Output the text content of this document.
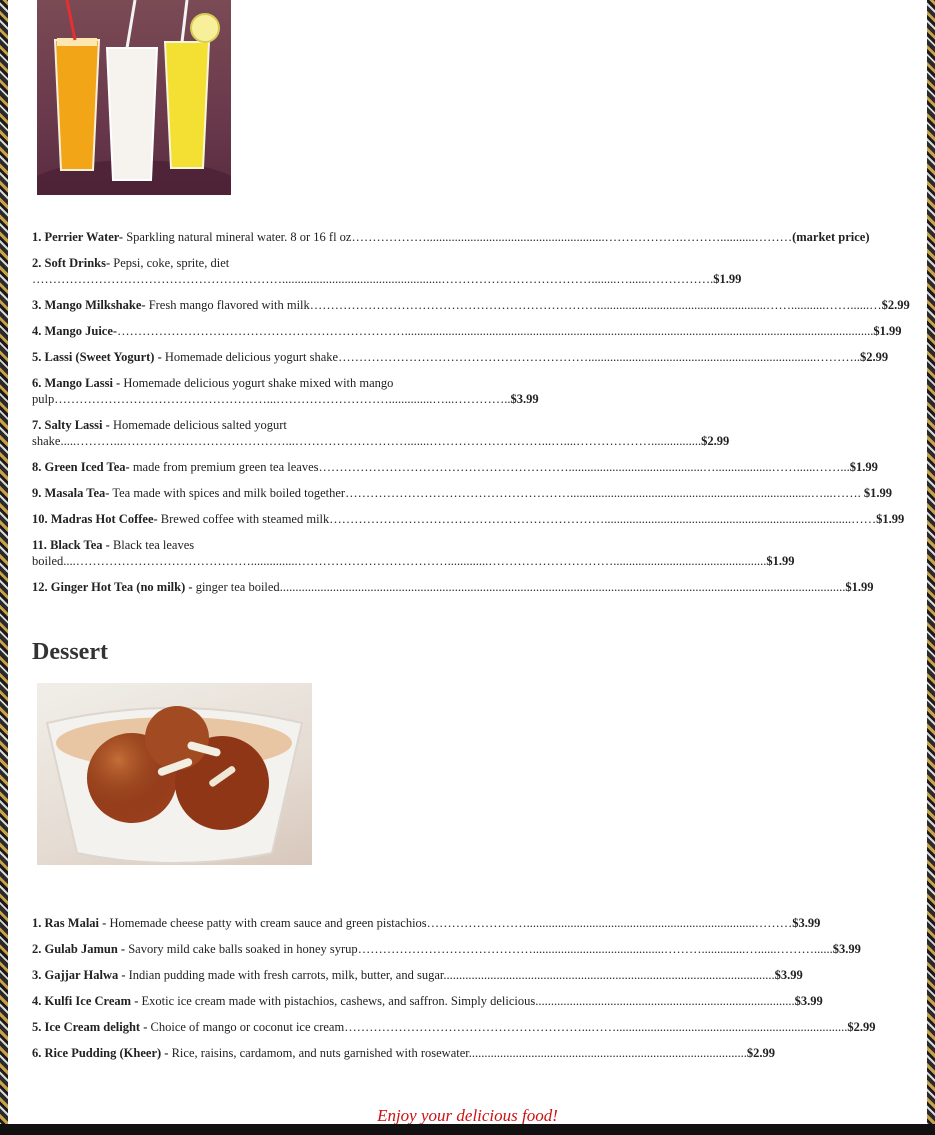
1. Perrier Water- Sparkling natural mineral water. 8 or 16 fl oz……………….........................................................……………….………...........………(market price)
2. Soft Drinks- Pepsi, coke, sprite, diet
……………………………………………………...................................................………………………………........…......…………….$1.99
3. Mango Milkshake- Fresh mango flavored with milk……………………………………………………………......................................................……...........……......…$2.99
4. Mango Juice-……………………………………………………………......................................................................................................................................................$1.99
5. Lassi (Sweet Yogurt) - Homemade delicious yogurt shake…………………………………………………….........................................................................………..$2.99
6. Mango Lassi - Homemade delicious yogurt shake mixed with mango pulp……………………………………………...………………………..............…...…………..$3.99
7. Salty Lassi - Homemade delicious salted yogurt shake.....………...…………………………………...……………………….......………………………...…....………………................$2.99
8. Green Iced Tea- made from premium green tea leaves……………………………………………………...........................................…..................……......……...$1.99
9. Masala Tea- Tea made with spices and milk boiled together……………………………………………….............................................................................…...……. $1.99
10. Madras Hot Coffee- Brewed coffee with steamed milk…………………………………………………………...............................................................................……$1.99
11. Black Tea - Black tea leaves boiled....……………………………………...............……………………………….............………………………….................................................$1.99
12. Ginger Hot Tea (no milk) - ginger tea boiled.....................................................................................................................................................................................$1.99
Dessert
1. Ras Malai - Homemade cheese patty with cream sauce and green pistachios…………………….........................................................................………$3.99
2. Gulab Jamun - Savory mild cake balls soaked in honey syrup……………………………………..........................................………..............…......………......$3.99
3. Gajjar Halwa - Indian pudding made with fresh carrots, milk, butter, and sugar..........................................................................................................$3.99
4. Kulfi Ice Cream - Exotic ice cream made with pistachios, cashews, and saffron. Simply delicious...................................................................................$3.99
5. Ice Cream delight - Choice of mango or coconut ice cream…………………………………………………...……..........................................................................$2.99
6. Rice Pudding (Kheer) - Rice, raisins, cardamom, and nuts garnished with rosewater.........................................................................................$2.99
Enjoy your delicious food!
